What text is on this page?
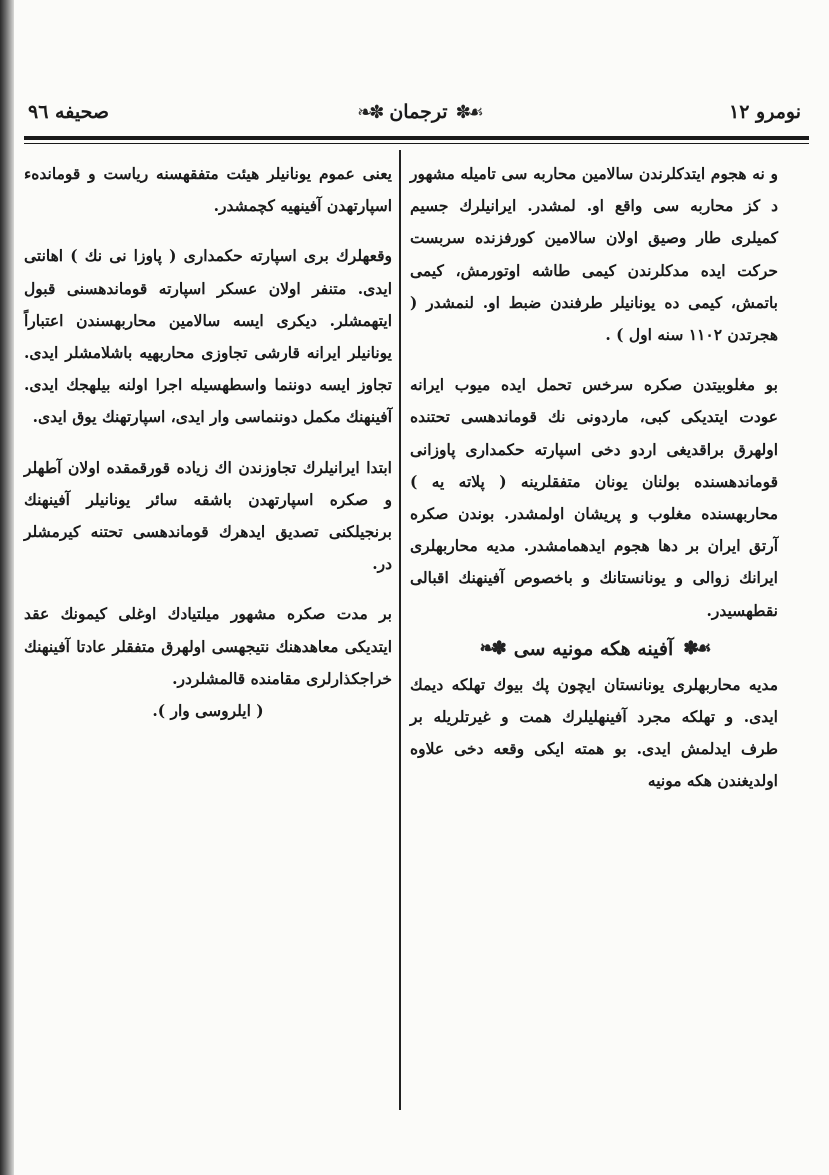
صحيفه ٩٦	❧✽ ترجمان ✽☙	نومرو ١٢

و نه هجوم ایتدكلرندن سالامین محاربه سی تامیله مشهور د كز محاربه سی واقع او. لمشدر. ایرانیلرك جسیم كمیلری طار وصیق اولان سالامین كورفزنده سربست حركت ایده مدكلرندن كیمی طاشه اوتورمش، كیمی باتمش، كیمی ده یونانیلر طرفندن ضبط او. لنمشدر ( هجرتدن ١١٠٢ سنه اول ) .

بو مغلوبیتدن صكره سرخس تحمل ایده میوب ایرانه عودت ایتدیكی كبی، ماردونی نك قوماندهسی تحتنده اولهرق براقدیغی اردو دخی اسپارته حكمداری پاوزانی قوماندهسنده بولنان یونان متفقلرینه ( پلاته یه ) محاربهسنده مغلوب و پریشان اولمشدر. بوندن صكره آرتق ایران بر دها هجوم ایدهمامشدر. مدیه محاربهلری ایرانك زوالی و یونانستانك و باخصوص آفینهنك اقبالی نقطهسیدر.

❧✽ آفینه هكه مونیه سی ✽☙

مدیه محاربهلری یونانستان ایچون پك بیوك تهلكه دیمك ایدی. و تهلكه مجرد آفینهلیلرك همت و غیرتلریله بر طرف ایدلمش ایدی. بو همته ایكی وقعه دخی علاوه اولدیغندن هكه مونیه

یعنی عموم یونانیلر هیئت متفقهسنه ریاست و قوماندهء اسپارتهدن آفینهیه كچمشدر.

وقعهلرك بری اسپارته حكمداری ( پاوزا نی نك ) اهانتی ایدی. متنفر اولان عسكر اسپارته قوماندهسنی قبول ایتهمشلر. دیكری ایسه سالامین محاربهسندن اعتباراً یونانیلر ایرانه قارشی تجاوزی محاربهیه باشلامشلر ایدی. تجاوز ایسه دوننما واسطهسیله اجرا اولنه بیلهجك ایدی. آفینهنك مكمل دوننماسی وار ایدی، اسپارتهنك یوق ایدی.

ابتدا ایرانیلرك تجاوزندن اك زیاده قورقمقده اولان آطهلر و صكره اسپارتهدن باشقه سائر یونانیلر آفینهنك برنجیلكنی تصدیق ایدهرك قوماندهسی تحتنه كیرمشلر در.

بر مدت صكره مشهور میلتیادك اوغلی كیمونك عقد ایتدیكی معاهدهنك نتیجهسی اولهرق متفقلر عادتا آفینهنك خراجكذارلری مقامنده قالمشلردر.

( ایلروسی وار ).
